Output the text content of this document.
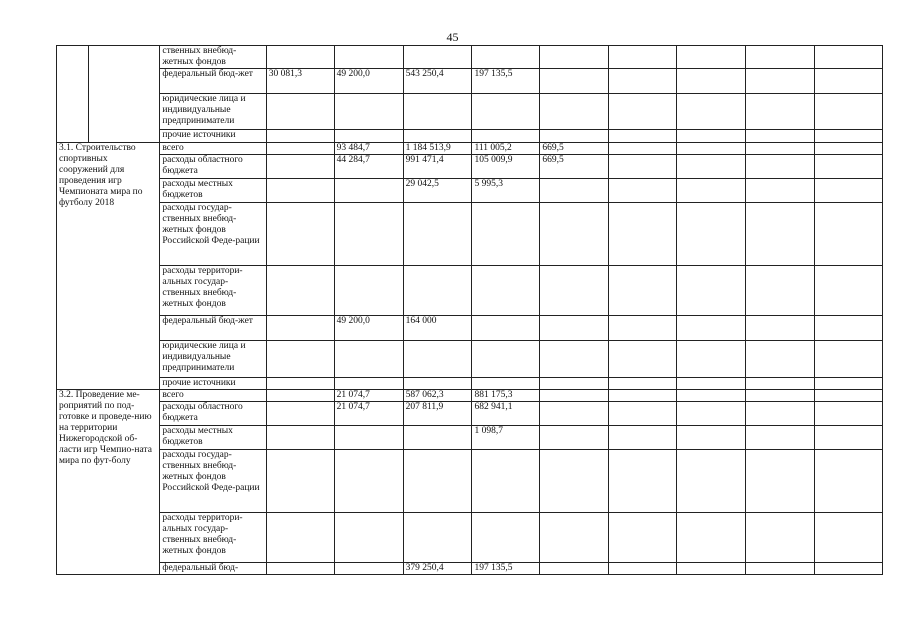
45
		ственных внебюд-жетных фондов									
		федеральный бюд-жет	30 081,3	49 200,0	543 250,4	197 135,5					
		юридические лица и индивидуальные предприниматели									
		прочие источники									
3.1. Строительство спортивных сооружений для проведения игр Чемпионата мира по футболу 2018		всего		93 484,7	1 184 513,9	111 005,2	669,5				
		расходы областного бюджета		44 284,7	991 471,4	105 009,9	669,5				
		расходы местных бюджетов			29 042,5	5 995,3					
		расходы государ-ственных внебюд-жетных фондов Российской Феде-рации									
		расходы территори-альных государ-ственных внебюд-жетных фондов									
		федеральный бюд-жет		49 200,0	164 000						
		юридические лица и индивидуальные предприниматели									
		прочие источники									
3.2. Проведение ме-роприятий по под-готовке и проведе-нию на территории Нижегородской об-ласти игр Чемпио-ната мира по фут-болу		всего		21 074,7	587 062,3	881 175,3					
		расходы областного бюджета		21 074,7	207 811,9	682 941,1					
		расходы местных бюджетов				1 098,7					
		расходы государ-ственных внебюд-жетных фондов Российской Феде-рации									
		расходы территори-альных государ-ственных внебюд-жетных фондов									
		федеральный бюд-			379 250,4	197 135,5					
